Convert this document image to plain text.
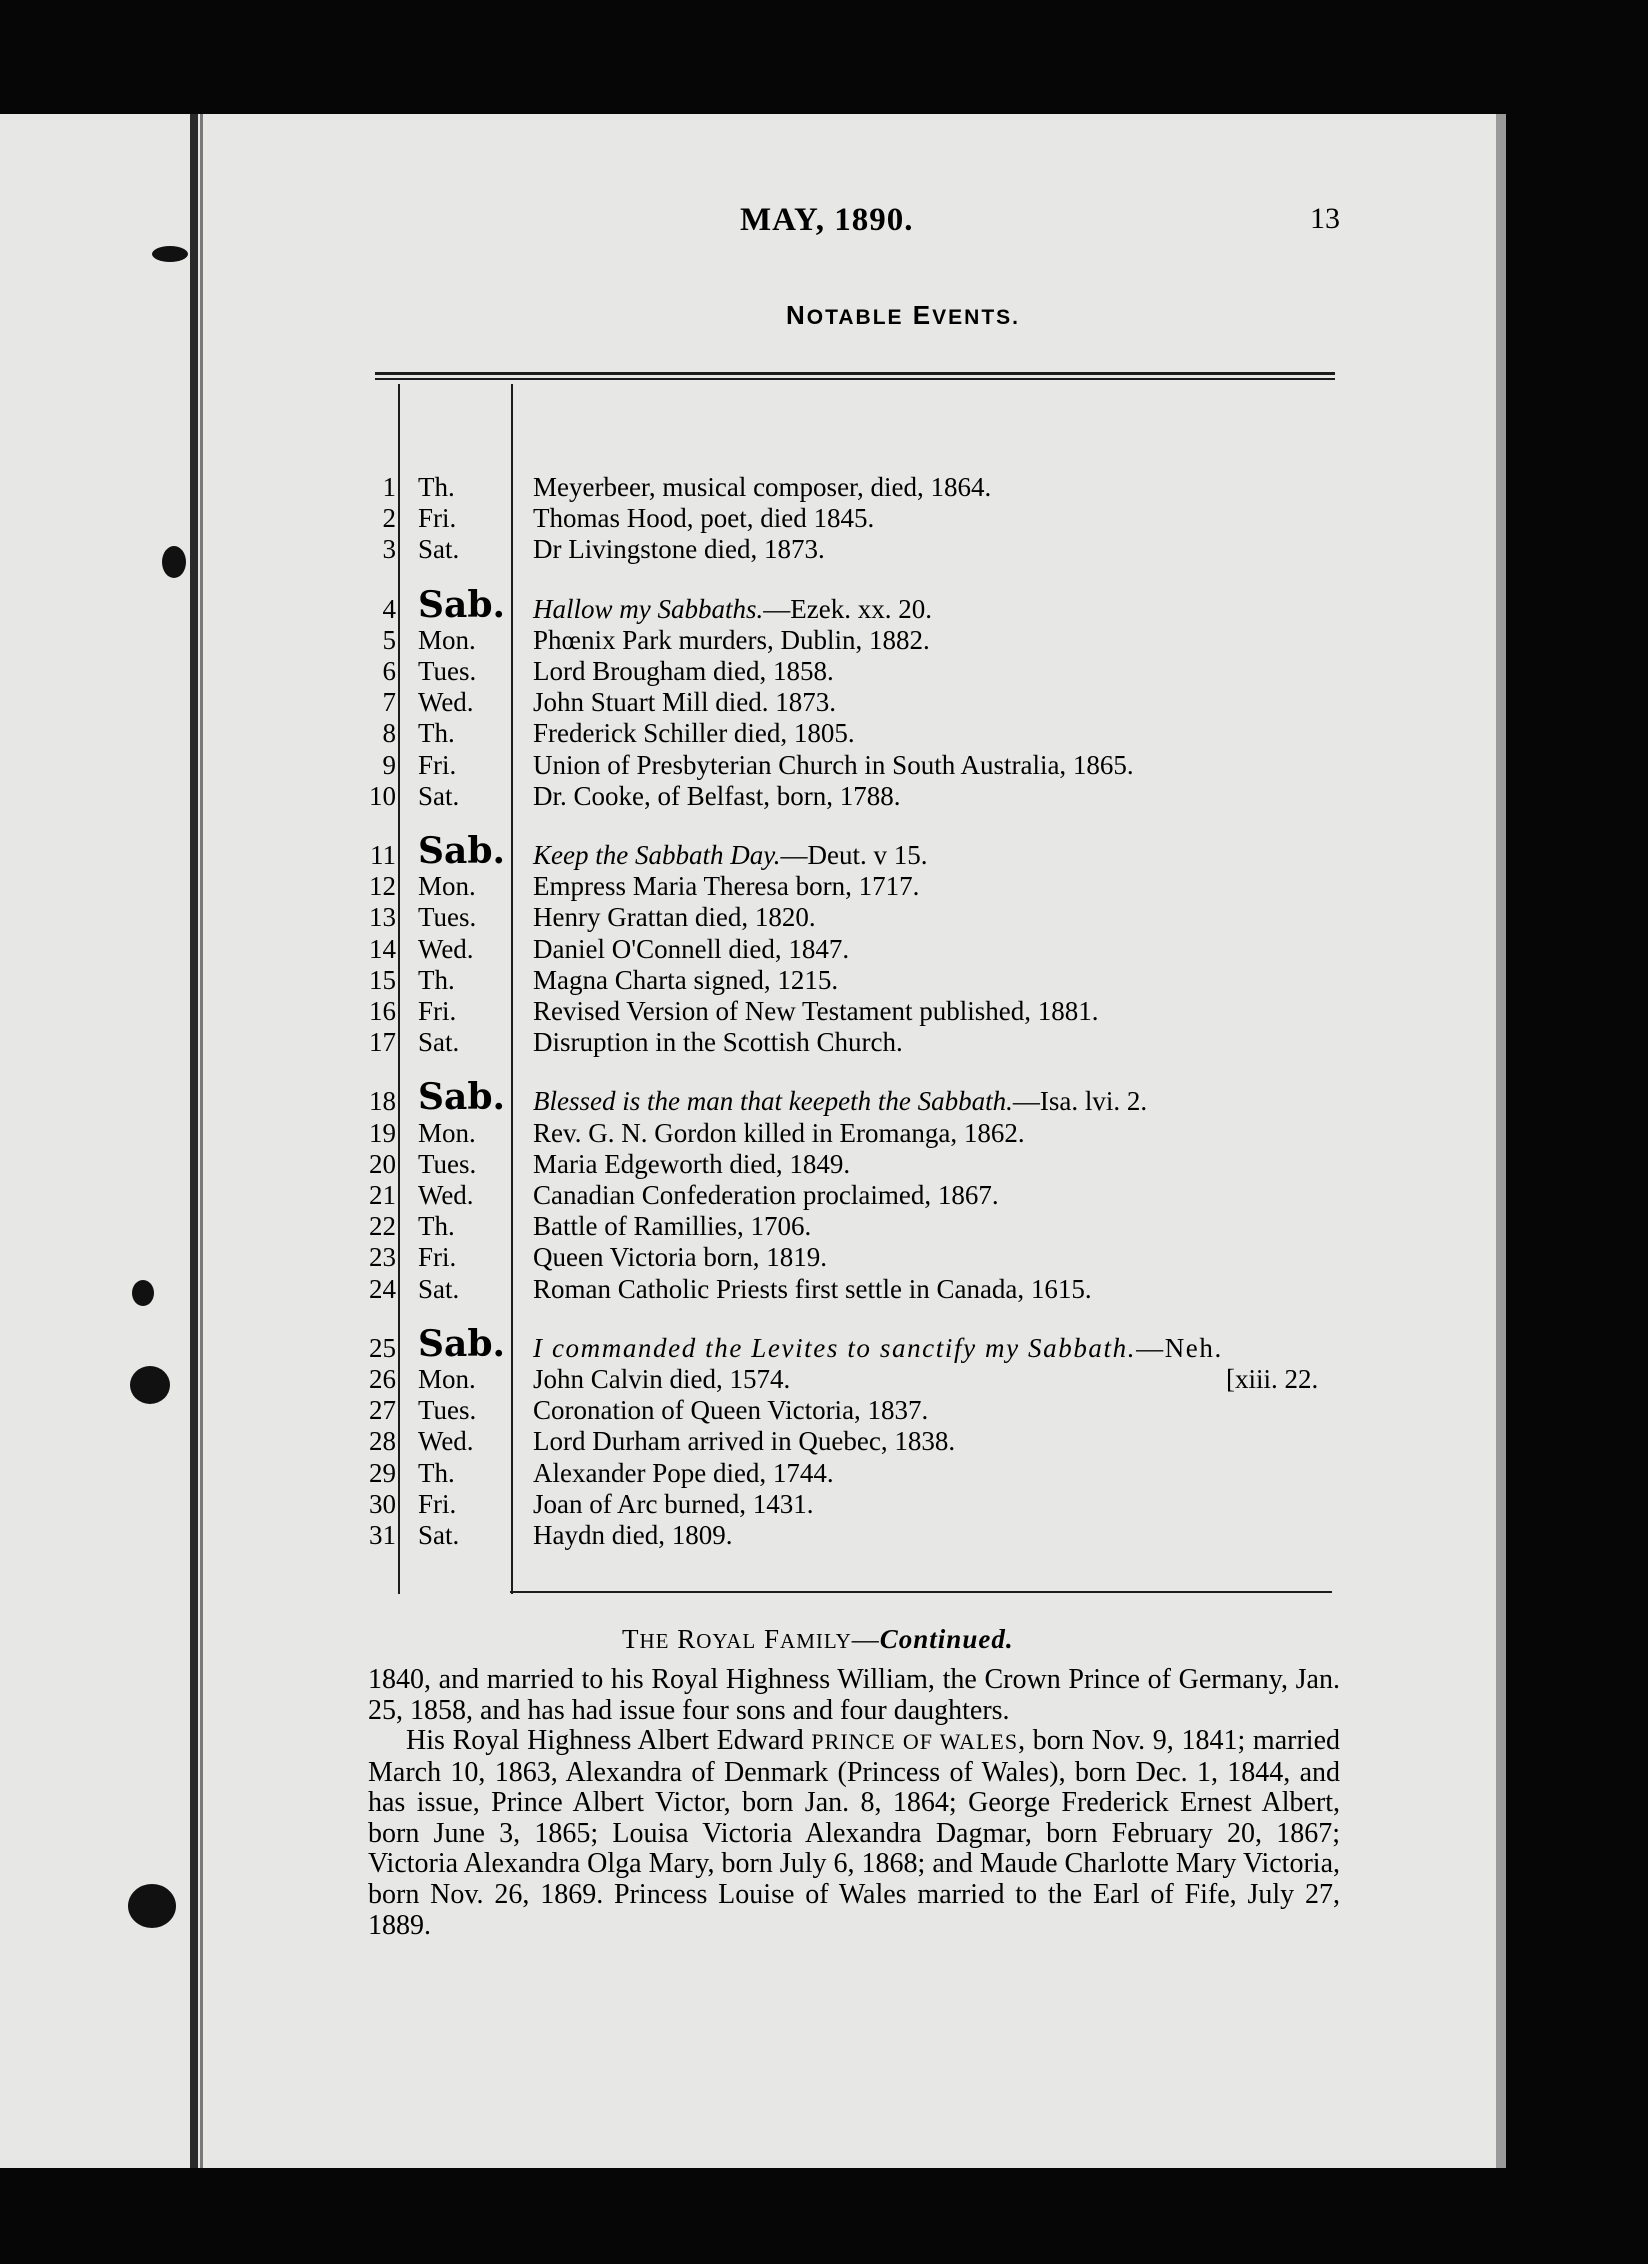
MAY, 1890.	13
NOTABLE EVENTS.
1 Th.	Meyerbeer, musical composer, died, 1864.
2 Fri.	Thomas Hood, poet, died 1845.
3 Sat.	Dr Livingstone died, 1873.
4 Sab. Hallow my Sabbaths.—Ezek. xx. 20.
5 Mon. Phœnix Park murders, Dublin, 1882.
6 Tues. Lord Brougham died, 1858.
7 Wed. John Stuart Mill died. 1873.
8 Th.	Frederick Schiller died, 1805.
9 Fri.	Union of Presbyterian Church in South Australia, 1865.
10 Sat.	Dr. Cooke, of Belfast, born, 1788.
11 Sab. Keep the Sabbath Day.—Deut. v 15.
12 Mon. Empress Maria Theresa born, 1717.
13 Tues. Henry Grattan died, 1820.
14 Wed. Daniel O'Connell died, 1847.
15 Th.	Magna Charta signed, 1215.
16 Fri.	Revised Version of New Testament published, 1881.
17 Sat.	Disruption in the Scottish Church.
18 Sab. Blessed is the man that keepeth the Sabbath.—Isa. lvi. 2.
19 Mon. Rev. G. N. Gordon killed in Eromanga, 1862.
20 Tues. Maria Edgeworth died, 1849.
21 Wed. Canadian Confederation proclaimed, 1867.
22 Th.	Battle of Ramillies, 1706.
23 Fri.	Queen Victoria born, 1819.
24 Sat.	Roman Catholic Priests first settle in Canada, 1615.
25 Sab. I commanded the Levites to sanctify my Sabbath.—Neh.
26 Mon. John Calvin died, 1574.	[xiii. 22.
27 Tues. Coronation of Queen Victoria, 1837.
28 Wed. Lord Durham arrived in Quebec, 1838.
29 Th.	Alexander Pope died, 1744.
30 Fri.	Joan of Arc burned, 1431.
31 Sat.	Haydn died, 1809.
THE ROYAL FAMILY—Continued.

1840, and married to his Royal Highness William, the Crown Prince of Germany, Jan. 25, 1858, and has had issue four sons and four daughters.

His Royal Highness Albert Edward PRINCE OF WALES, born Nov. 9, 1841; married March 10, 1863, Alexandra of Denmark (Princess of Wales), born Dec. 1, 1844, and has issue, Prince Albert Victor, born Jan. 8, 1864; George Frederick Ernest Albert, born June 3, 1865; Louisa Victoria Alexandra Dagmar, born February 20, 1867; Victoria Alexandra Olga Mary, born July 6, 1868; and Maude Charlotte Mary Victoria, born Nov. 26, 1869. Princess Louise of Wales married to the Earl of Fife, July 27, 1889.
